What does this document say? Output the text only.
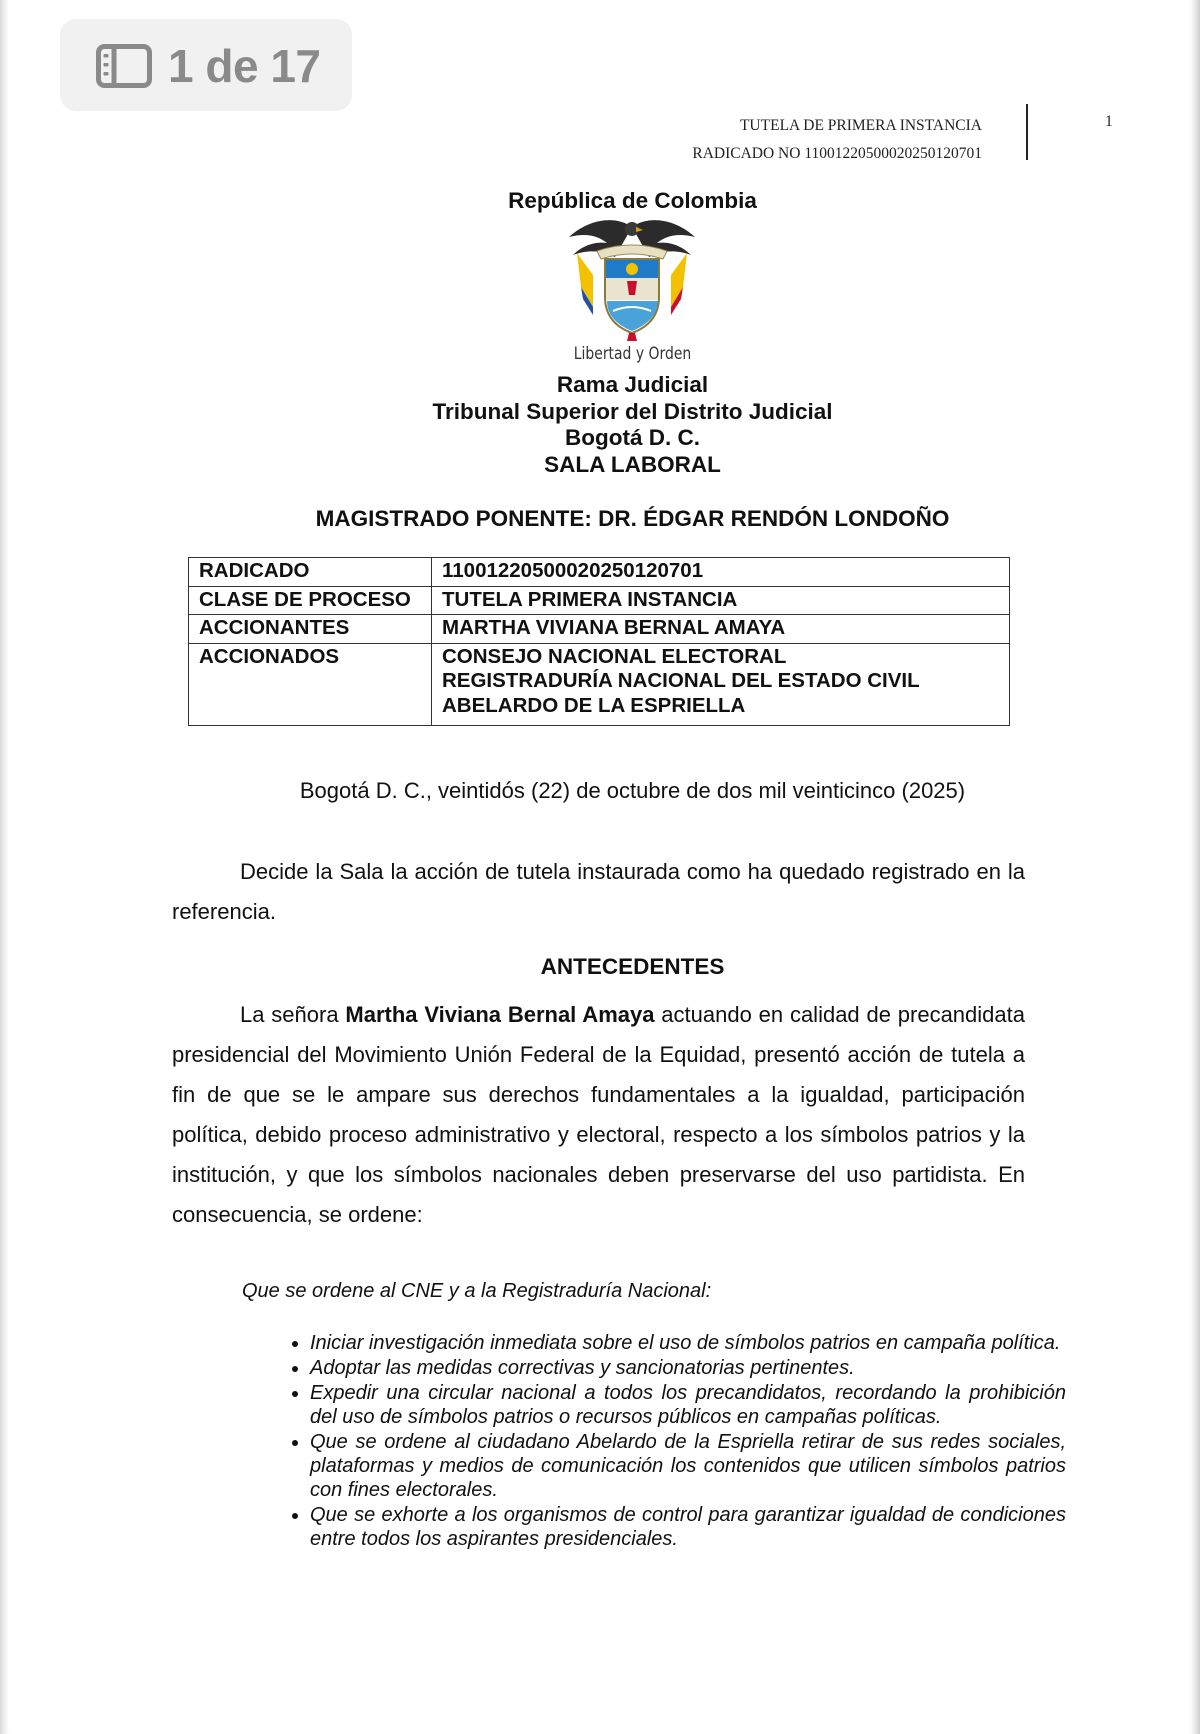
1 de 17
TUTELA DE PRIMERA INSTANCIA
RADICADO NO 11001220500020250120701
1
República de Colombia
Libertad y Orden
Rama Judicial
Tribunal Superior del Distrito Judicial
Bogotá D. C.
SALA LABORAL
MAGISTRADO PONENTE: DR. ÉDGAR RENDÓN LONDOÑO
RADICADO	11001220500020250120701
CLASE DE PROCESO	TUTELA PRIMERA INSTANCIA
ACCIONANTES	MARTHA VIVIANA BERNAL AMAYA
ACCIONADOS	CONSEJO NACIONAL ELECTORAL
REGISTRADURÍA NACIONAL DEL ESTADO CIVIL
ABELARDO DE LA ESPRIELLA
Bogotá D. C., veintidós (22) de octubre de dos mil veinticinco (2025)
Decide la Sala la acción de tutela instaurada como ha quedado registrado en la referencia.
ANTECEDENTES
La señora Martha Viviana Bernal Amaya actuando en calidad de precandidata presidencial del Movimiento Unión Federal de la Equidad, presentó acción de tutela a fin de que se le ampare sus derechos fundamentales a la igualdad, participación política, debido proceso administrativo y electoral, respecto a los símbolos patrios y la institución, y que los símbolos nacionales deben preservarse del uso partidista. En consecuencia, se ordene:
Que se ordene al CNE y a la Registraduría Nacional:
• Iniciar investigación inmediata sobre el uso de símbolos patrios en campaña política.
• Adoptar las medidas correctivas y sancionatorias pertinentes.
• Expedir una circular nacional a todos los precandidatos, recordando la prohibición del uso de símbolos patrios o recursos públicos en campañas políticas.
• Que se ordene al ciudadano Abelardo de la Espriella retirar de sus redes sociales, plataformas y medios de comunicación los contenidos que utilicen símbolos patrios con fines electorales.
• Que se exhorte a los organismos de control para garantizar igualdad de condiciones entre todos los aspirantes presidenciales.
